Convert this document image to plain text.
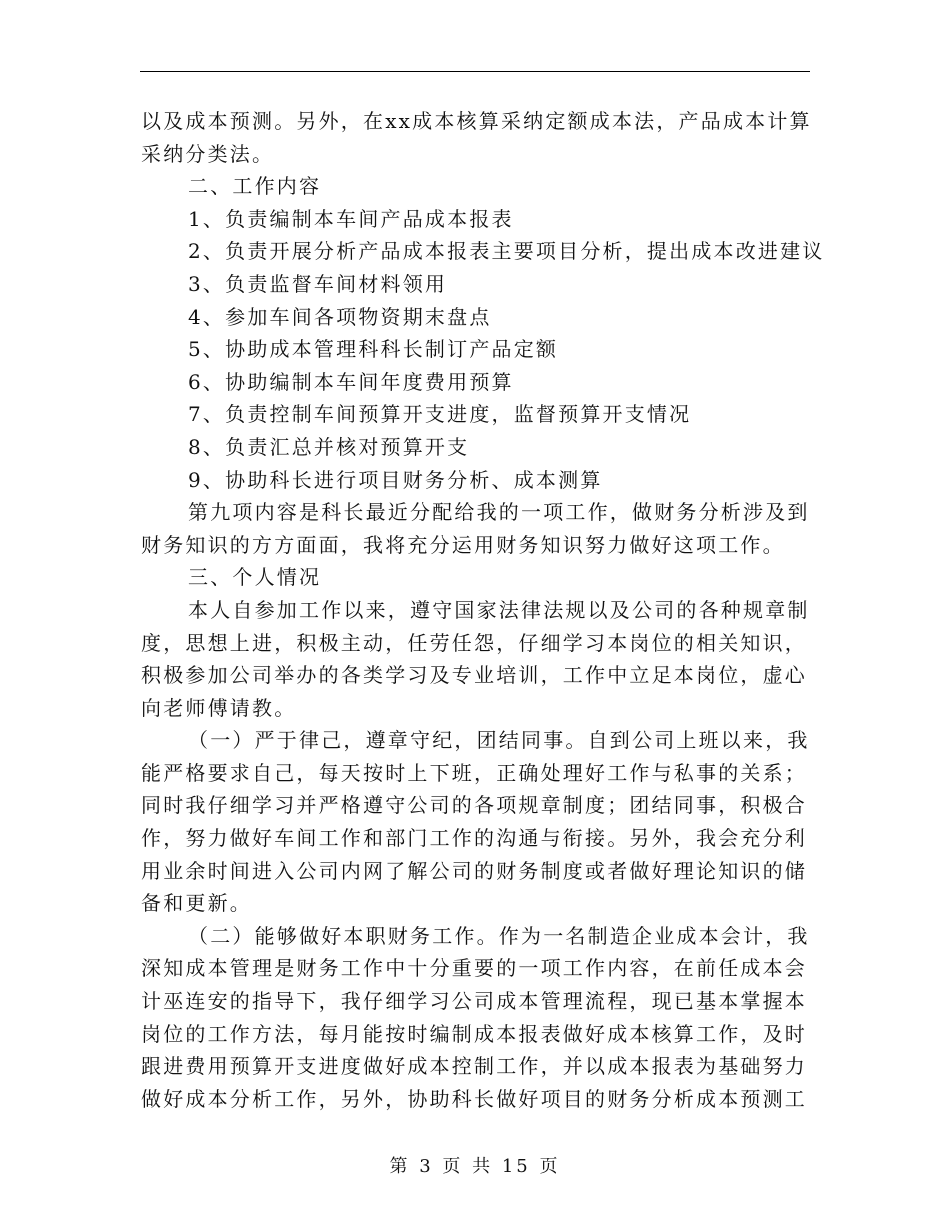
以及成本预测。另外，在xx成本核算采纳定额成本法，产品成本计算
采纳分类法。
二、工作内容
1、负责编制本车间产品成本报表
2、负责开展分析产品成本报表主要项目分析，提出成本改进建议
3、负责监督车间材料领用
4、参加车间各项物资期末盘点
5、协助成本管理科科长制订产品定额
6、协助编制本车间年度费用预算
7、负责控制车间预算开支进度，监督预算开支情况
8、负责汇总并核对预算开支
9、协助科长进行项目财务分析、成本测算
第九项内容是科长最近分配给我的一项工作，做财务分析涉及到
财务知识的方方面面，我将充分运用财务知识努力做好这项工作。
三、个人情况
本人自参加工作以来，遵守国家法律法规以及公司的各种规章制
度，思想上进，积极主动，任劳任怨，仔细学习本岗位的相关知识，
积极参加公司举办的各类学习及专业培训，工作中立足本岗位，虚心
向老师傅请教。
（一）严于律己，遵章守纪，团结同事。自到公司上班以来，我
能严格要求自己，每天按时上下班，正确处理好工作与私事的关系；
同时我仔细学习并严格遵守公司的各项规章制度；团结同事，积极合
作，努力做好车间工作和部门工作的沟通与衔接。另外，我会充分利
用业余时间进入公司内网了解公司的财务制度或者做好理论知识的储
备和更新。
（二）能够做好本职财务工作。作为一名制造企业成本会计，我
深知成本管理是财务工作中十分重要的一项工作内容，在前任成本会
计巫连安的指导下，我仔细学习公司成本管理流程，现已基本掌握本
岗位的工作方法，每月能按时编制成本报表做好成本核算工作，及时
跟进费用预算开支进度做好成本控制工作，并以成本报表为基础努力
做好成本分析工作，另外，协助科长做好项目的财务分析成本预测工
第 3 页 共 15 页
